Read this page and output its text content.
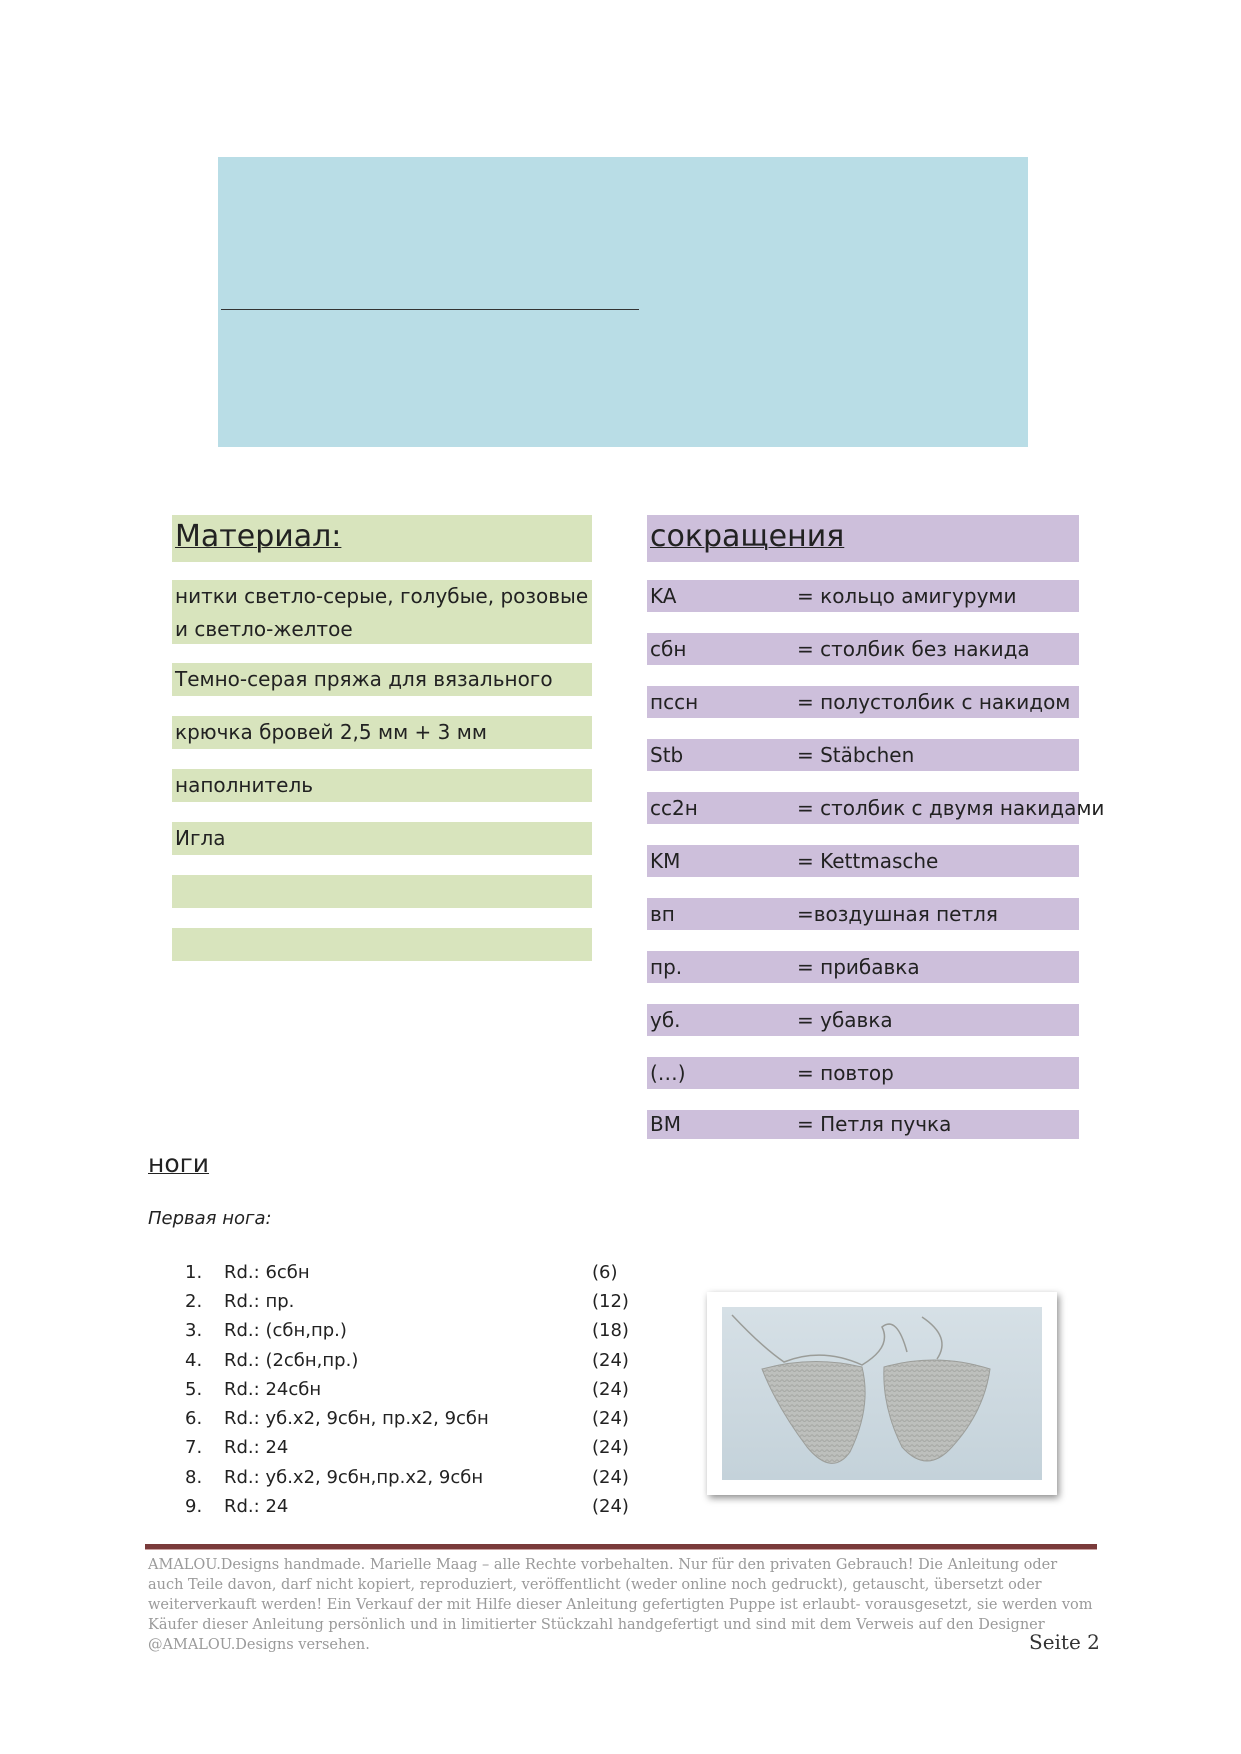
Материал:
нитки светло-серые, голубые, розовые и светло-желтое
Темно-серая пряжа для вязального
крючка бровей 2,5 мм + 3 мм
наполнитель
Игла
сокращения
KA	= кольцо амигуруми
сбн	= столбик без накида
пссн	= полустолбик с накидом
Stb	= Stäbchen
сс2н	= столбик с двумя накидами
KM	= Kettmasche
вп	=воздушная петля
пр.	= прибавка
уб.	= убавка
(…)	= повтор
BM	= Петля пучка
ноги
Первая нога:
1. Rd.: 6сбн	(6)
2. Rd.: пр.	(12)
3. Rd.: (сбн,пр.)	(18)
4. Rd.: (2сбн,пр.)	(24)
5. Rd.: 24сбн	(24)
6. Rd.: уб.x2, 9сбн, пр.x2, 9сбн	(24)
7. Rd.: 24	(24)
8. Rd.: уб.x2, 9сбн,пр.x2, 9сбн	(24)
9. Rd.: 24	(24)
AMALOU.Designs handmade. Marielle Maag – alle Rechte vorbehalten. Nur für den privaten Gebrauch! Die Anleitung oder auch Teile davon, darf nicht kopiert, reproduziert, veröffentlicht (weder online noch gedruckt), getauscht, übersetzt oder weiterverkauft werden! Ein Verkauf der mit Hilfe dieser Anleitung gefertigten Puppe ist erlaubt- vorausgesetzt, sie werden vom Käufer dieser Anleitung persönlich und in limitierter Stückzahl handgefertigt und sind mit dem Verweis auf den Designer @AMALOU.Designs versehen.	Seite 2
